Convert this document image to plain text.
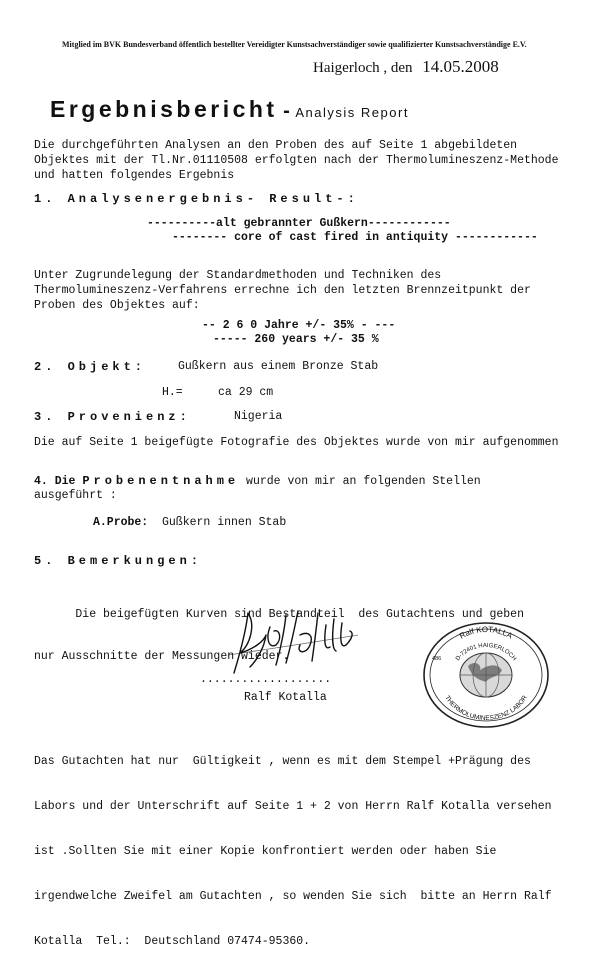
Mitglied im BVK Bundesverband öffentlich bestellter Vereidigter Kunstsachverständiger sowie qualifizierter Kunstsachverständige E.V.
Haigerloch , den 14.05.2008
Ergebnisbericht - Analysis Report
Die durchgeführten Analysen an den Proben des auf Seite 1 abgebildeten
Objektes mit der Tl.Nr.01110508 erfolgten nach der Thermolumineszenz-Methode
und hatten folgendes Ergebnis
1. Analysenergebnis- Result-:
----------alt gebrannter Gußkern------------
-------- core of cast fired in antiquity ------------
Unter Zugrundelegung der Standardmethoden und Techniken des
Thermolumineszenz-Verfahrens errechne ich den letzten Brennzeitpunkt der
Proben des Objektes auf:
-- 2 6 0 Jahre +/- 35% - ---
----- 260 years +/- 35 %
2. Objekt:	Gußkern aus einem Bronze Stab
H.=	ca 29 cm
3. Provenienz:	Nigeria
Die auf Seite 1 beigefügte Fotografie des Objektes wurde von mir aufgenommen
4. Die Probenentnahme wurde von mir an folgenden Stellen
ausgeführt :
A.Probe: Gußkern innen Stab
5. Bemerkungen:

Die beigefügten Kurven sind Bestandteil  des Gutachtens und geben

nur Ausschnitte der Messungen wieder.

...................
Ralf Kotalla
Ralf KOTALLA
D-72401 HAIGERLOCH
THERMOLUMINESZENZ LABOR
486

Das Gutachten hat nur  Gültigkeit , wenn es mit dem Stempel +Prägung des

Labors und der Unterschrift auf Seite 1 + 2 von Herrn Ralf Kotalla versehen

ist .Sollten Sie mit einer Kopie konfrontiert werden oder haben Sie

irgendwelche Zweifel am Gutachten , so wenden Sie sich  bitte an Herrn Ralf

Kotalla  Tel.:  Deutschland 07474-95360.
